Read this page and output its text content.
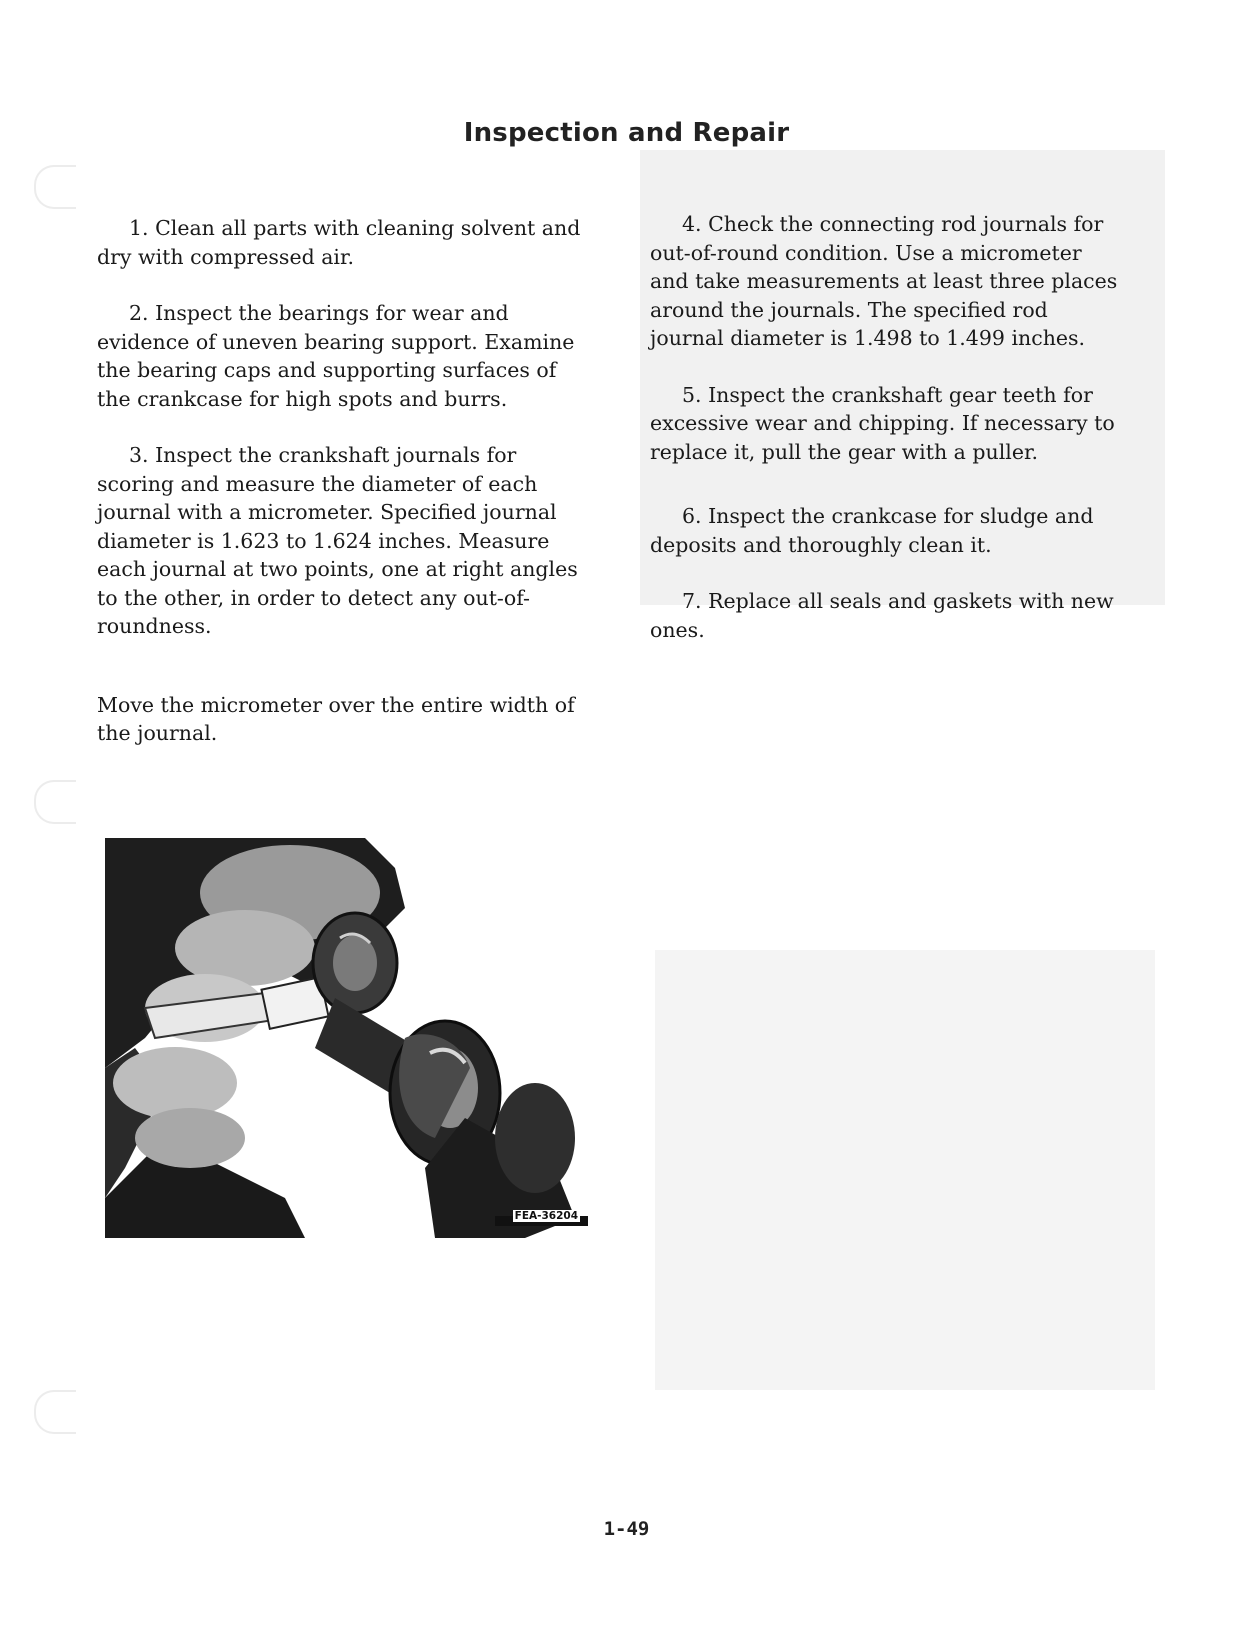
Inspection and Repair

1. Clean all parts with cleaning solvent and dry with compressed air.

2. Inspect the bearings for wear and evidence of uneven bearing support. Examine the bearing caps and supporting surfaces of the crankcase for high spots and burrs.

3. Inspect the crankshaft journals for scoring and measure the diameter of each journal with a micrometer. Specified journal diameter is 1.623 to 1.624 inches. Measure each journal at two points, one at right angles to the other, in order to detect any out-of-roundness.

Move the micrometer over the entire width of the journal.

4. Check the connecting rod journals for out-of-round condition. Use a micrometer and take measurements at least three places around the journals. The specified rod journal diameter is 1.498 to 1.499 inches.

5. Inspect the crankshaft gear teeth for excessive wear and chipping. If necessary to replace it, pull the gear with a puller.

6. Inspect the crankcase for sludge and deposits and thoroughly clean it.

7. Replace all seals and gaskets with new ones.

FEA-36204
1-49
